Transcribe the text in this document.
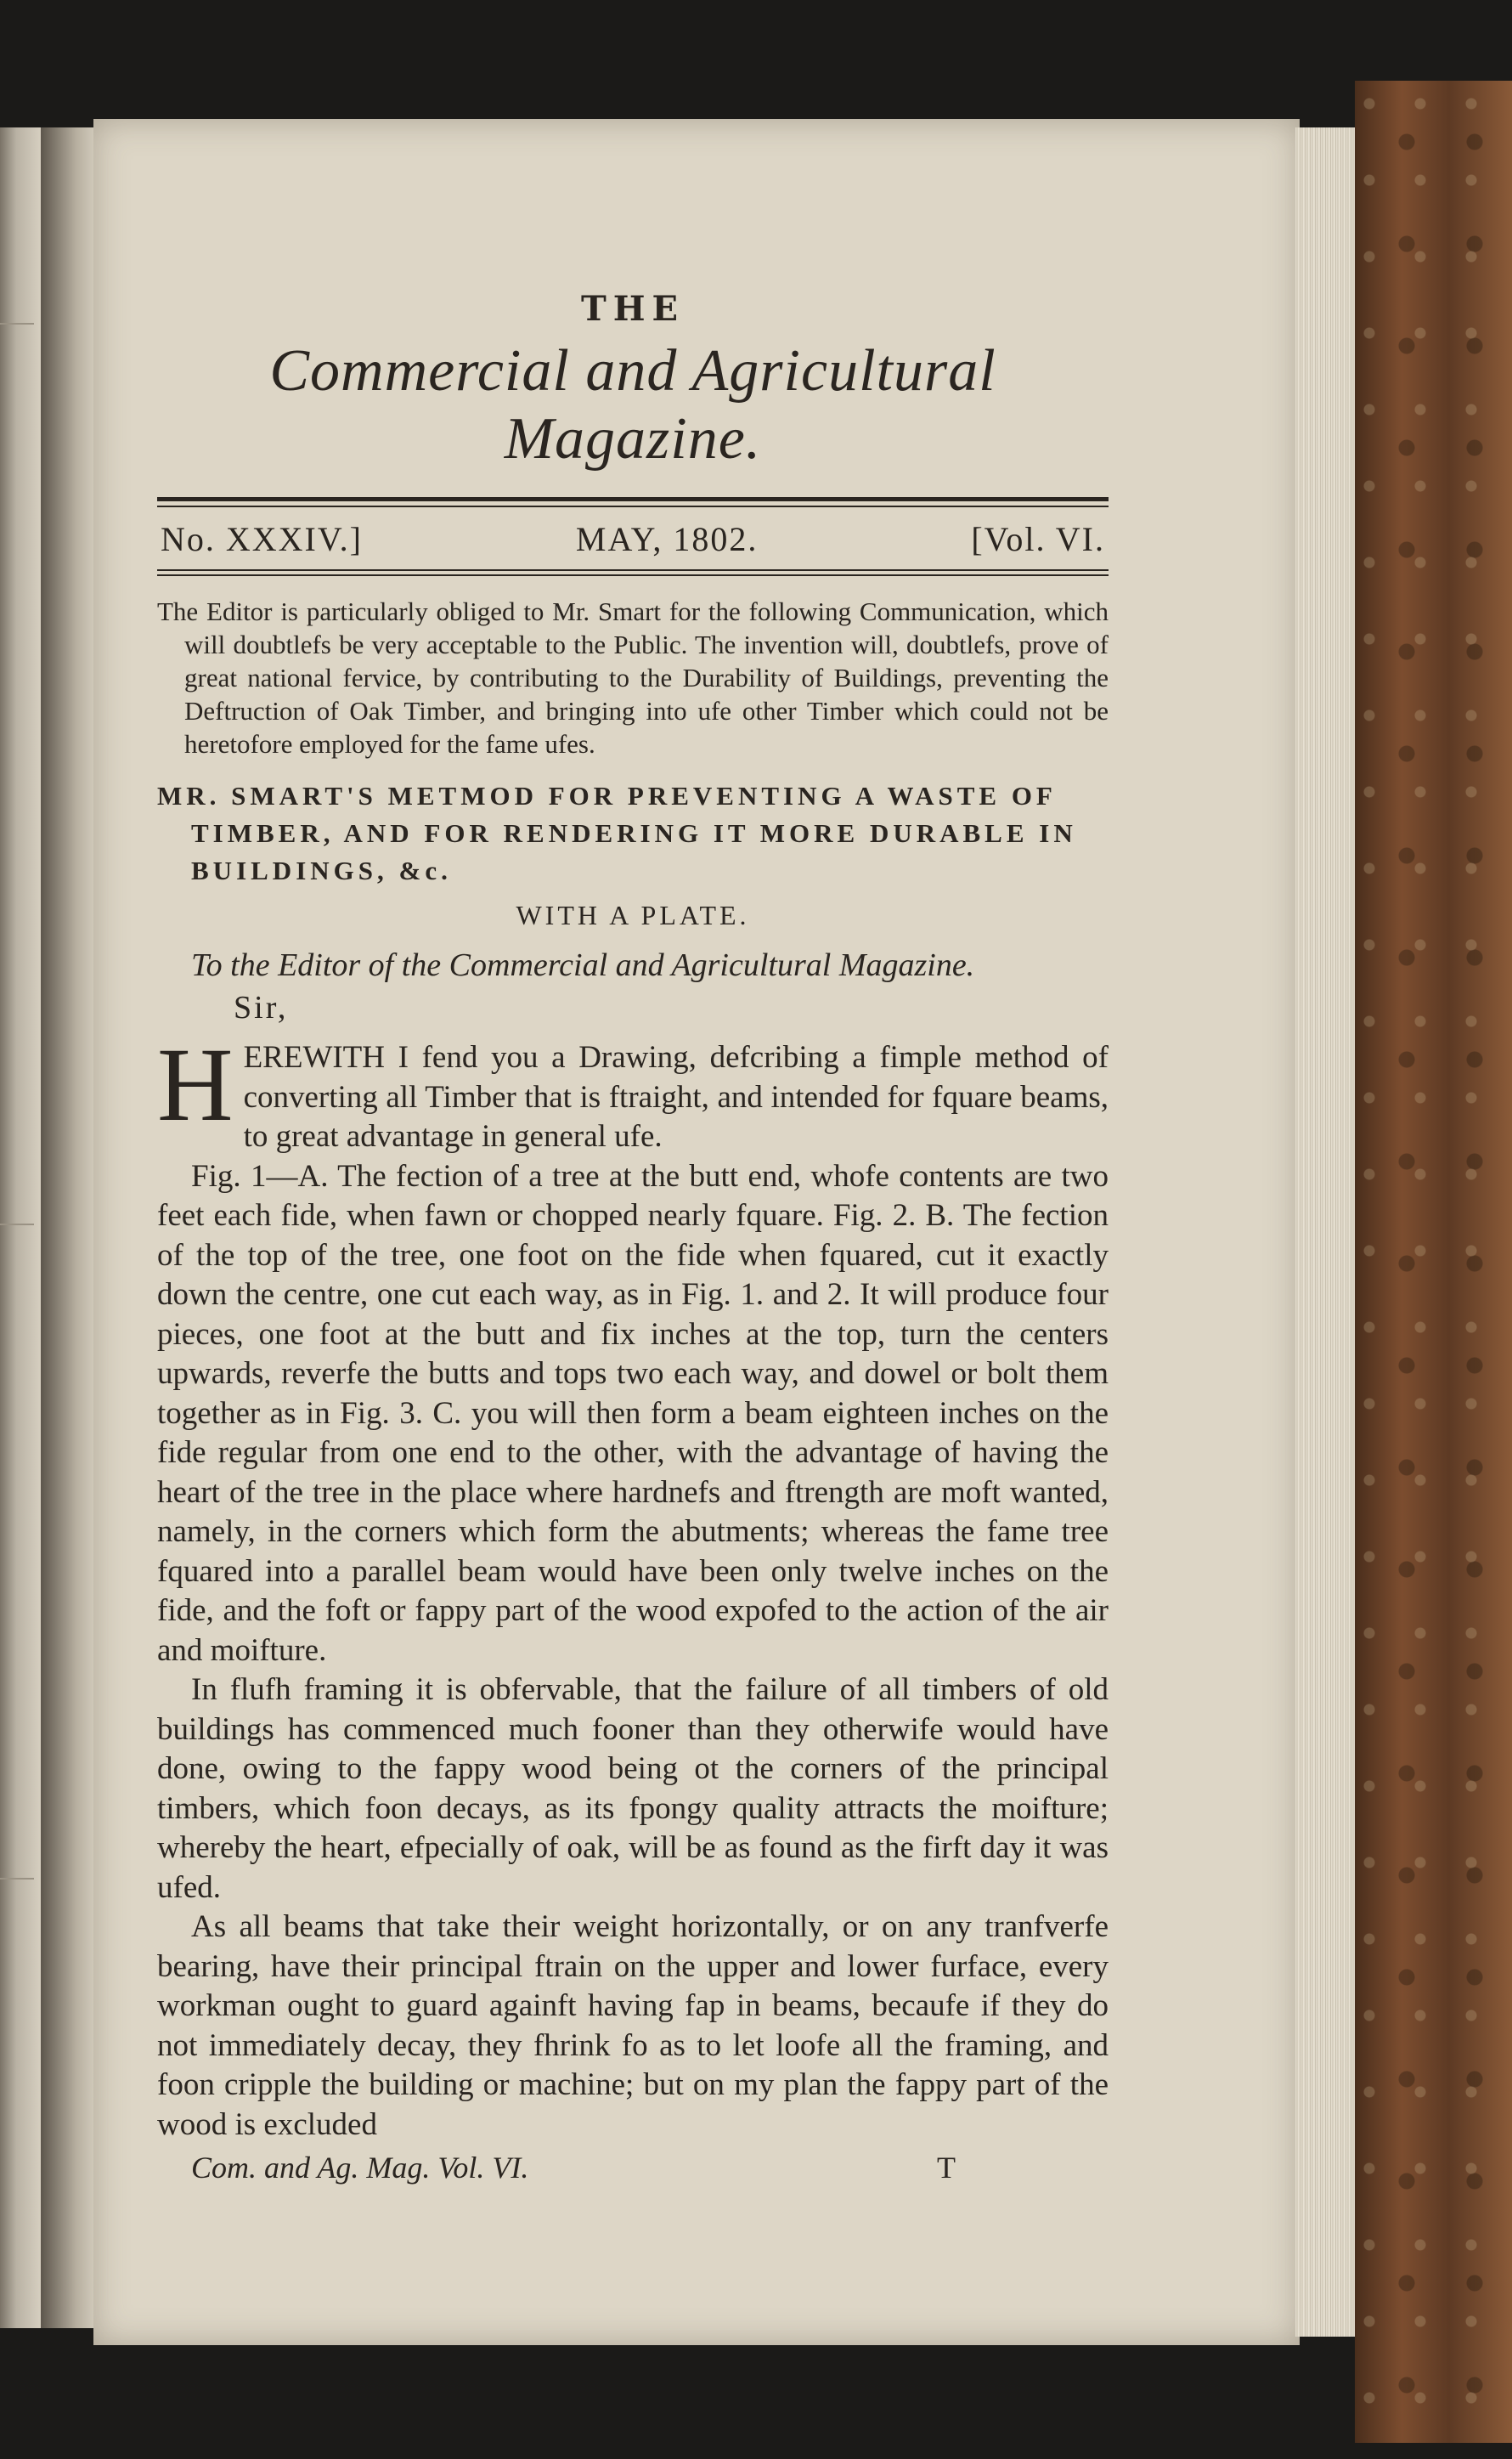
THE
Commercial and Agricultural Magazine.
No. XXXIV.]	MAY, 1802.	[Vol. VI.

The Editor is particularly obliged to Mr. Smart for the following Communication, which will doubtlefs be very acceptable to the Public. The invention will, doubtlefs, prove of great national fervice, by contributing to the Durability of Buildings, preventing the Deftruction of Oak Timber, and bringing into ufe other Timber which could not be heretofore employed for the fame ufes.

MR. SMART'S METMOD FOR PREVENTING A WASTE OF TIMBER, AND FOR RENDERING IT MORE DURABLE IN BUILDINGS, &c.

WITH A PLATE.
To the Editor of the Commercial and Agricultural Magazine.
Sir,

H EREWITH I fend you a Drawing, defcribing a fimple method of converting all Timber that is ftraight, and intended for fquare beams, to great advantage in general ufe.

Fig. 1—A. The fection of a tree at the butt end, whofe contents are two feet each fide, when fawn or chopped nearly fquare. Fig. 2. B. The fection of the top of the tree, one foot on the fide when fquared, cut it exactly down the centre, one cut each way, as in Fig. 1. and 2. It will produce four pieces, one foot at the butt and fix inches at the top, turn the centers upwards, reverfe the butts and tops two each way, and dowel or bolt them together as in Fig. 3. C. you will then form a beam eighteen inches on the fide regular from one end to the other, with the advantage of having the heart of the tree in the place where hardnefs and ftrength are moft wanted, namely, in the corners which form the abutments; whereas the fame tree fquared into a parallel beam would have been only twelve inches on the fide, and the foft or fappy part of the wood expofed to the action of the air and moifture.

In flufh framing it is obfervable, that the failure of all timbers of old buildings has commenced much fooner than they otherwife would have done, owing to the fappy wood being ot the corners of the principal timbers, which foon decays, as its fpongy quality attracts the moifture; whereby the heart, efpecially of oak, will be as found as the firft day it was ufed.

As all beams that take their weight horizontally, or on any tranfverfe bearing, have their principal ftrain on the upper and lower furface, every workman ought to guard againft having fap in beams, becaufe if they do not immediately decay, they fhrink fo as to let loofe all the framing, and foon cripple the building or machine; but on my plan the fappy part of the wood is excluded

Com. and Ag. Mag. Vol. VI.	T
